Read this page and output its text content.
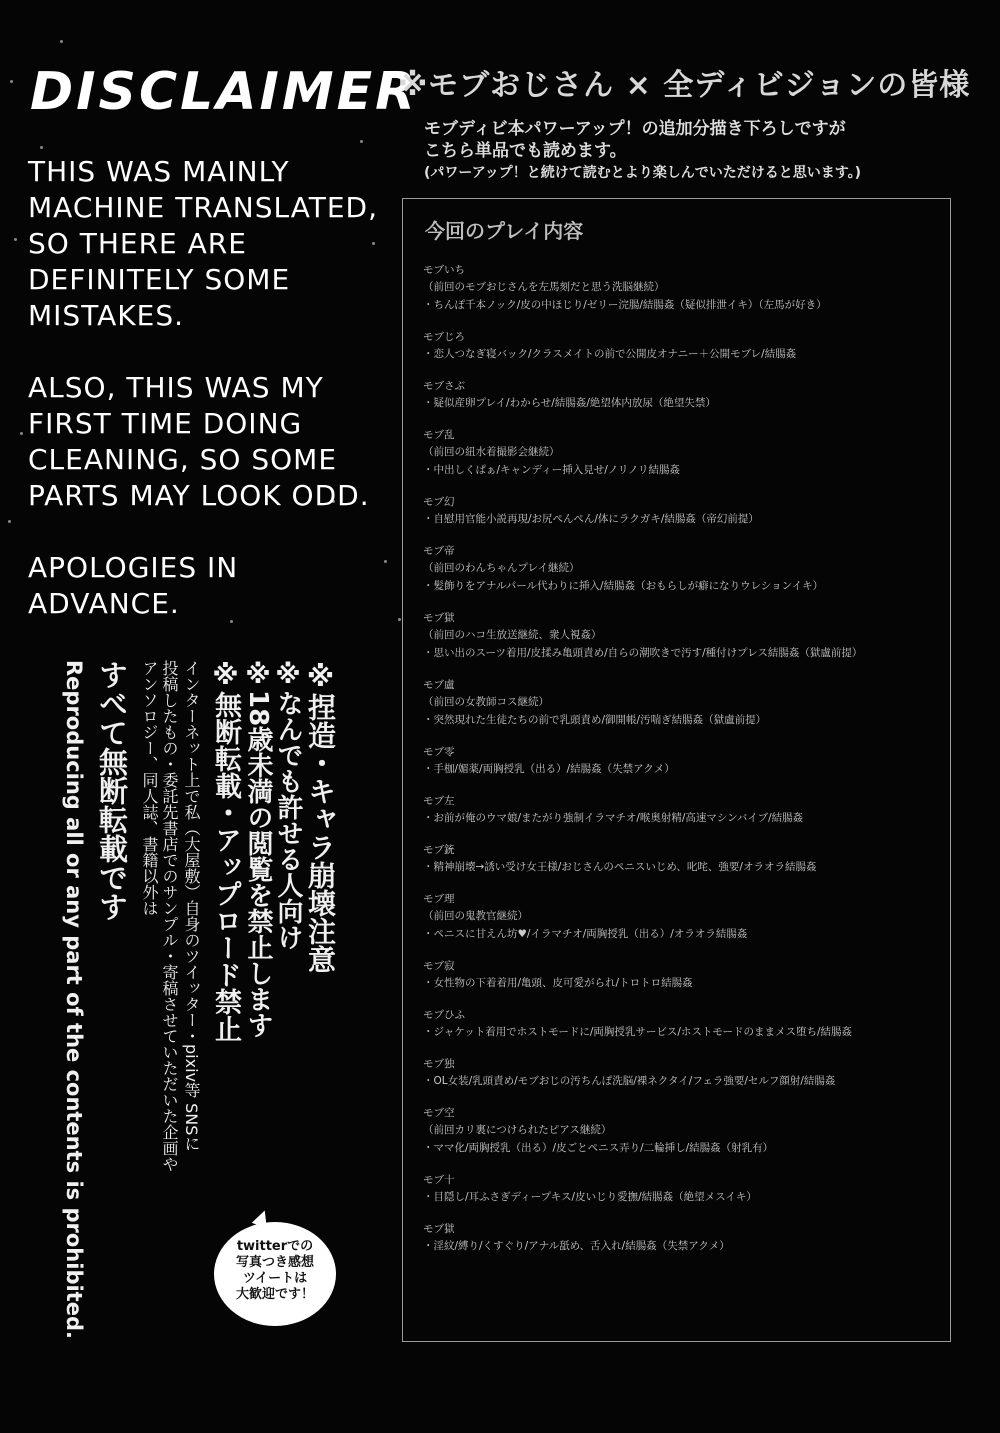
DISCLAIMER

THIS WAS MAINLY MACHINE TRANSLATED, SO THERE ARE DEFINITELY SOME MISTAKES.

ALSO, THIS WAS MY FIRST TIME DOING CLEANING, SO SOME PARTS MAY LOOK ODD.

APOLOGIES IN ADVANCE.

※モブおじさん × 全ディビジョンの皆様
モブディビ本パワーアップ！の追加分描き下ろしですが
こちら単品でも読めます。
(パワーアップ！と続けて読むとより楽しんでいただけると思います。)
今回のプレイ内容
モブいち
（前回のモブおじさんを左馬刻だと思う洗脳継続）
・ちんぽ千本ノック/皮の中ほじり/ゼリー浣腸/結腸姦（疑似排泄イキ）（左馬が好き）
モブじろ
・恋人つなぎ寝バック/クラスメイトの前で公開皮オナニー＋公開モブレ/結腸姦
モブさぶ
・疑似産卵プレイ/わからせ/結腸姦/絶望体内放尿（絶望失禁）
モブ乱
（前回の紐水着撮影会継続）
・中出しくぱぁ/キャンディー挿入見せ/ノリノリ結腸姦
モブ幻
・自慰用官能小説再現/お尻ぺんぺん/体にラクガキ/結腸姦（帝幻前提）
モブ帝
（前回のわんちゃんプレイ継続）
・髪飾りをアナルパール代わりに挿入/結腸姦（おもらしが癖になりウレションイキ）
モブ獄
（前回のハコ生放送継続、衆人視姦）
・思い出のスーツ着用/皮揉み亀頭責め/自らの潮吹きで汚す/種付けプレス結腸姦（獄盧前提）
モブ盧
（前回の女教師コス継続）
・突然現れた生徒たちの前で乳頭責め/御開帳/汚喘ぎ結腸姦（獄盧前提）
モブ零
・手枷/媚薬/両胸授乳（出る）/結腸姦（失禁アクメ）
モブ左
・お前が俺のウマ娘/またがり強制イラマチオ/喉奥射精/高速マシンバイブ/結腸姦
モブ銃
・精神崩壊→誘い受け女王様/おじさんのペニスいじめ、叱咤、強要/オラオラ結腸姦
モブ理
（前回の鬼教官継続）
・ペニスに甘えん坊♥/イラマチオ/両胸授乳（出る）/オラオラ結腸姦
モブ寂
・女性物の下着着用/亀頭、皮可愛がられ/トロトロ結腸姦
モブひふ
・ジャケット着用でホストモードに/両胸授乳サービス/ホストモードのままメス堕ち/結腸姦
モブ独
・OL女装/乳頭責め/モブおじの汚ちんぽ洗脳/裸ネクタイ/フェラ強要/セルフ顔射/結腸姦
モブ空
（前回カリ裏につけられたピアス継続）
・ママ化/両胸授乳（出る）/皮ごとペニス弄り/二輪挿し/結腸姦（射乳有）
モブ十
・目隠し/耳ふさぎディープキス/皮いじり愛撫/結腸姦（絶望メスイキ）
モブ獄
・淫紋/縛り/くすぐり/アナル舐め、舌入れ/結腸姦（失禁アクメ）
※捏造・キャラ崩壊注意
※なんでも許せる人向け
※18歳未満の閲覧を禁止します
※無断転載・アップロード禁止
インターネット上で私（大屋敷）自身のツイッター・pixiv等 SNSに
投稿したもの・委託先書店でのサンプル・寄稿させていただいた企画や
アンソロジー、同人誌、書籍以外は
すべて無断転載です
Reproducing all or any part of the contents is prohibited.	twitterでの
写真つき感想
ツイートは
大歓迎です！
